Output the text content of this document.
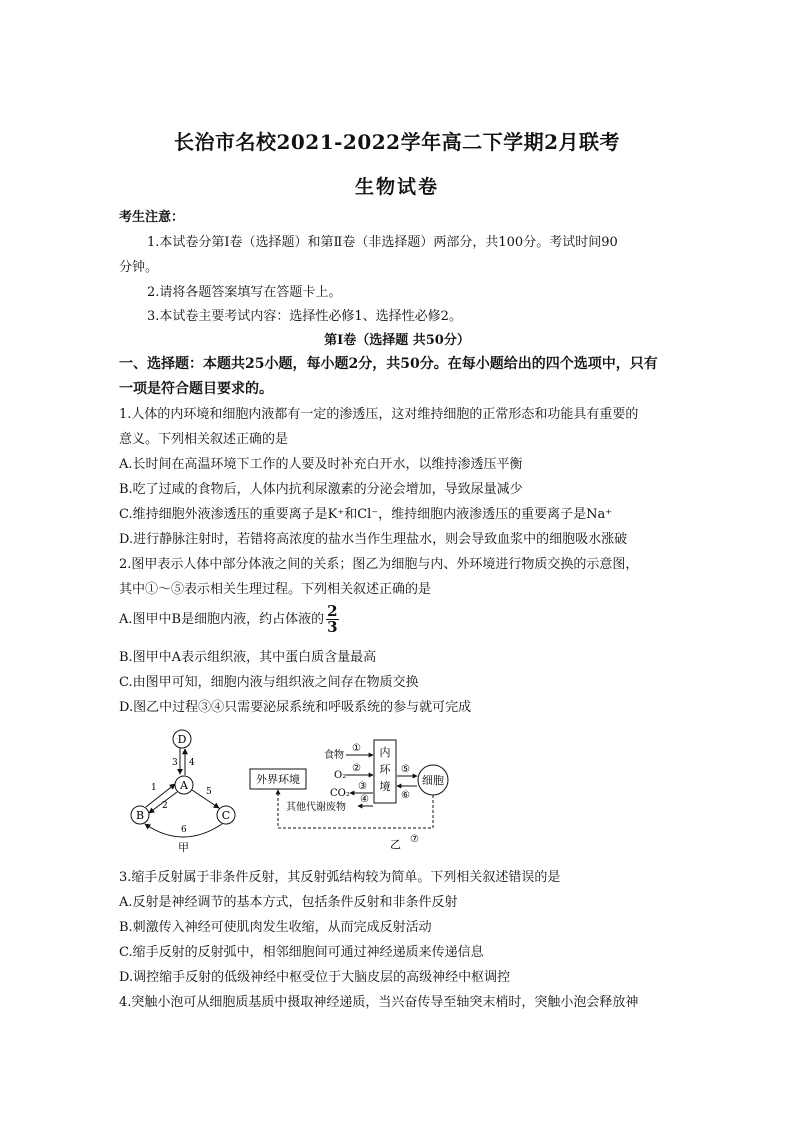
长治市名校2021-2022学年高二下学期2月联考
生物试卷
考生注意：
1.本试卷分第Ⅰ卷（选择题）和第Ⅱ卷（非选择题）两部分，共100分。考试时间90
分钟。
2.请将各题答案填写在答题卡上。
3.本试卷主要考试内容：选择性必修1、选择性必修2。
第Ⅰ卷（选择题 共50分）
一、选择题：本题共25小题，每小题2分，共50分。在每小题给出的四个选项中，只有
一项是符合题目要求的。
1.人体的内环境和细胞内液都有一定的渗透压，这对维持细胞的正常形态和功能具有重要的
意义。下列相关叙述正确的是
A.长时间在高温环境下工作的人要及时补充白开水，以维持渗透压平衡
B.吃了过咸的食物后，人体内抗利尿激素的分泌会增加，导致尿量减少
C.维持细胞外液渗透压的重要离子是K⁺和Cl⁻，维持细胞内液渗透压的重要离子是Na⁺
D.进行静脉注射时，若错将高浓度的盐水当作生理盐水，则会导致血浆中的细胞吸水涨破
2.图甲表示人体中部分体液之间的关系；图乙为细胞与内、外环境进行物质交换的示意图，
其中①～⑤表示相关生理过程。下列相关叙述正确的是
A.图甲中B是细胞内液，约占体液的 $\frac{2}{3}$
B.图甲中A表示组织液，其中蛋白质含量最高
C.由图甲可知，细胞内液与组织液之间存在物质交换
D.图乙中过程③④只需要泌尿系统和呼吸系统的参与就可完成
D
A
B	C
3 4
1
2
5
6
甲
外界环境
内
环
境	细胞
食物
①
O₂
②
CO₂
③
其他代谢废物
④
⑤
⑥
⑦
乙
3.缩手反射属于非条件反射，其反射弧结构较为简单。下列相关叙述错误的是
A.反射是神经调节的基本方式，包括条件反射和非条件反射
B.刺激传入神经可使肌肉发生收缩，从而完成反射活动
C.缩手反射的反射弧中，相邻细胞间可通过神经递质来传递信息
D.调控缩手反射的低级神经中枢受位于大脑皮层的高级神经中枢调控
4.突触小泡可从细胞质基质中摄取神经递质，当兴奋传导至轴突末梢时，突触小泡会释放神
